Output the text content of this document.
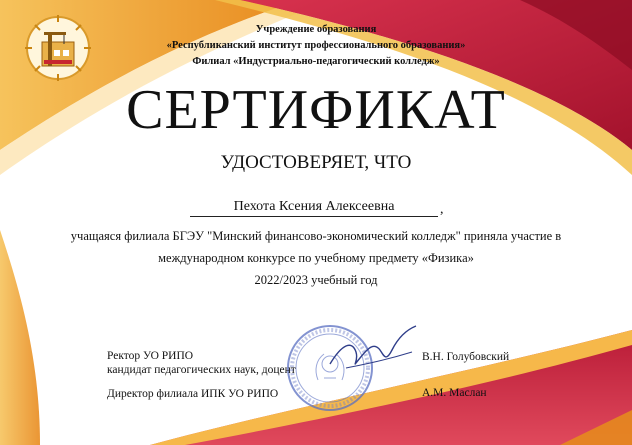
Учреждение образования
«Республиканский институт профессионального образования»
Филиал «Индустриально-педагогический колледж»
СЕРТИФИКАТ
УДОСТОВЕРЯЕТ, ЧТО
Пехота Ксения Алексеевна	,
учащаяся филиала БГЭУ "Минский финансово-экономический колледж" приняла участие в
международном конкурсе по учебному предмету «Физика»
2022/2023 учебный год
Ректор УО РИПО
кандидат педагогических наук, доцент
В.Н. Голубовский
Директор филиала ИПК УО РИПО	А.М. Маслан
